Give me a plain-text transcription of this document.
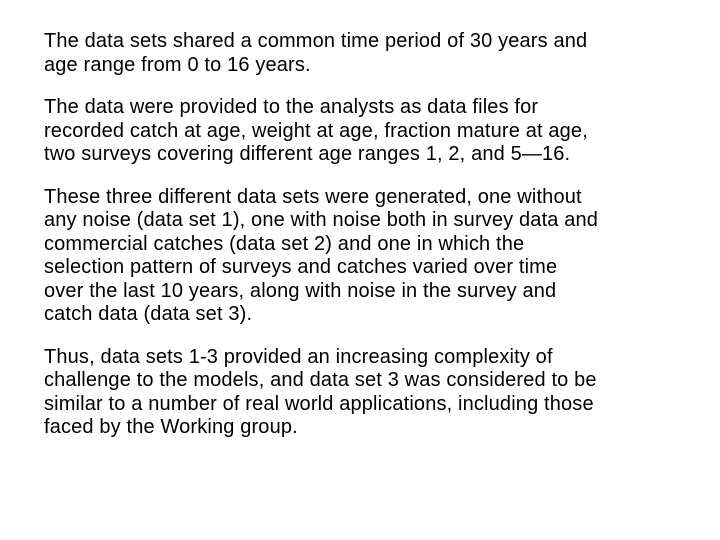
The data sets shared a common time period of 30 years and
age range from 0 to 16 years.

The data were provided to the analysts as data files for
recorded catch at age, weight at age, fraction mature at age,
two surveys covering different age ranges 1, 2, and 5—16.

These three different data sets were generated, one without
any noise (data set 1), one with noise both in survey data and
commercial catches (data set 2) and one in which the
selection pattern of surveys and catches varied over time
over the last 10 years, along with noise in the survey and
catch data (data set 3).

Thus, data sets 1-3 provided an increasing complexity of
challenge to the models, and data set 3 was considered to be
similar to a number of real world applications, including those
faced by the Working group.
